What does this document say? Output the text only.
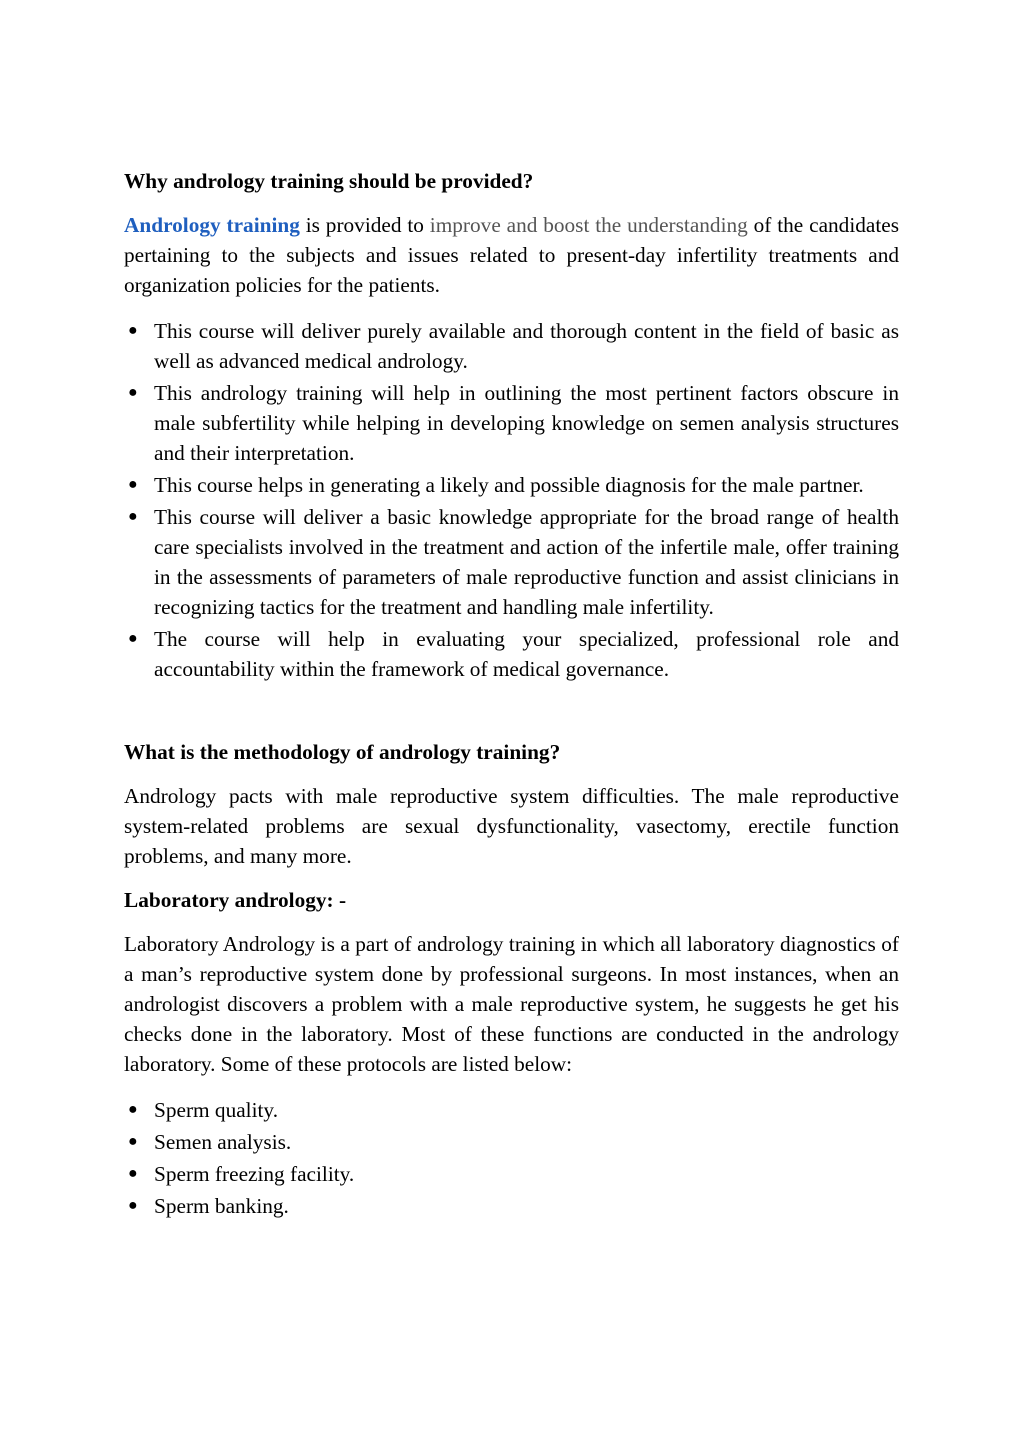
Why andrology training should be provided?

Andrology training is provided to improve and boost the understanding of the candidates pertaining to the subjects and issues related to present-day infertility treatments and organization policies for the patients.

● This course will deliver purely available and thorough content in the field of basic as well as advanced medical andrology.
● This andrology training will help in outlining the most pertinent factors obscure in male subfertility while helping in developing knowledge on semen analysis structures and their interpretation.
● This course helps in generating a likely and possible diagnosis for the male partner.
● This course will deliver a basic knowledge appropriate for the broad range of health care specialists involved in the treatment and action of the infertile male, offer training in the assessments of parameters of male reproductive function and assist clinicians in recognizing tactics for the treatment and handling male infertility.
● The course will help in evaluating your specialized, professional role and accountability within the framework of medical governance.
What is the methodology of andrology training?

Andrology pacts with male reproductive system difficulties. The male reproductive system-related problems are sexual dysfunctionality, vasectomy, erectile function problems, and many more.

Laboratory andrology: -

Laboratory Andrology is a part of andrology training in which all laboratory diagnostics of a man’s reproductive system done by professional surgeons. In most instances, when an andrologist discovers a problem with a male reproductive system, he suggests he get his checks done in the laboratory. Most of these functions are conducted in the andrology laboratory. Some of these protocols are listed below:

● Sperm quality.
● Semen analysis.
● Sperm freezing facility.
● Sperm banking.
